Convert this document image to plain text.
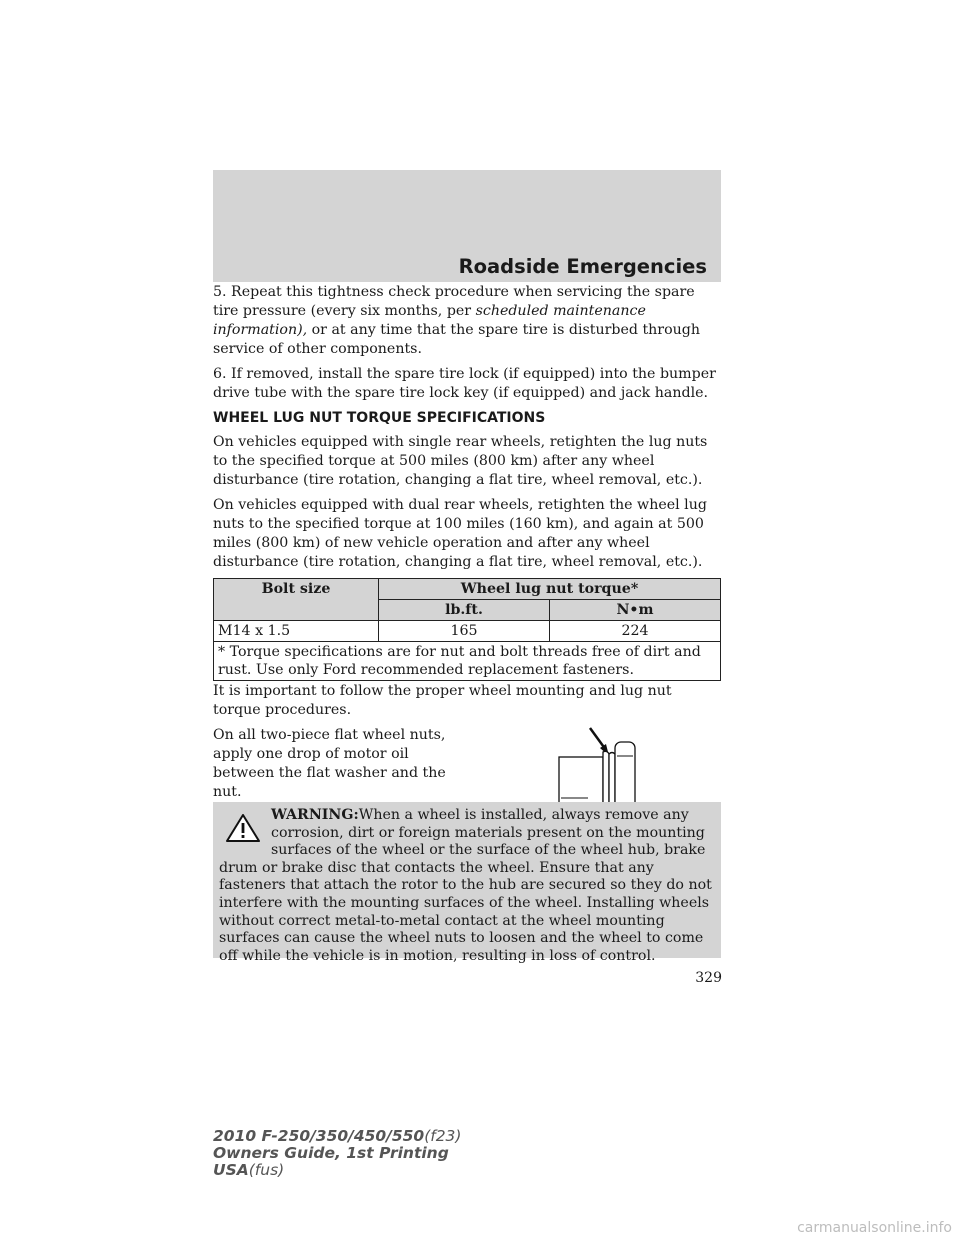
Roadside Emergencies

5. Repeat this tightness check procedure when servicing the spare tire pressure (every six months, per scheduled maintenance information), or at any time that the spare tire is disturbed through service of other components.

6. If removed, install the spare tire lock (if equipped) into the bumper drive tube with the spare tire lock key (if equipped) and jack handle.

WHEEL LUG NUT TORQUE SPECIFICATIONS

On vehicles equipped with single rear wheels, retighten the lug nuts to the specified torque at 500 miles (800 km) after any wheel disturbance (tire rotation, changing a flat tire, wheel removal, etc.).

On vehicles equipped with dual rear wheels, retighten the wheel lug nuts to the specified torque at 100 miles (160 km), and again at 500 miles (800 km) of new vehicle operation and after any wheel disturbance (tire rotation, changing a flat tire, wheel removal, etc.).

Bolt size	Wheel lug nut torque*	
	lb.ft.	N•m
M14 x 1.5	165	224
* Torque specifications are for nut and bolt threads free of dirt and rust. Use only Ford recommended replacement fasteners.		

It is important to follow the proper wheel mounting and lug nut torque procedures.

On all two-piece flat wheel nuts, apply one drop of motor oil between the flat washer and the nut.

WARNING:When a wheel is installed, always remove any corrosion, dirt or foreign materials present on the mounting surfaces of the wheel or the surface of the wheel hub, brake drum or brake disc that contacts the wheel. Ensure that any fasteners that attach the rotor to the hub are secured so they do not interfere with the mounting surfaces of the wheel. Installing wheels without correct metal-to-metal contact at the wheel mounting surfaces can cause the wheel nuts to loosen and the wheel to come off while the vehicle is in motion, resulting in loss of control.
329
2010 F-250/350/450/550(f23)
Owners Guide, 1st Printing
USA(fus)
carmanualsonline.info
